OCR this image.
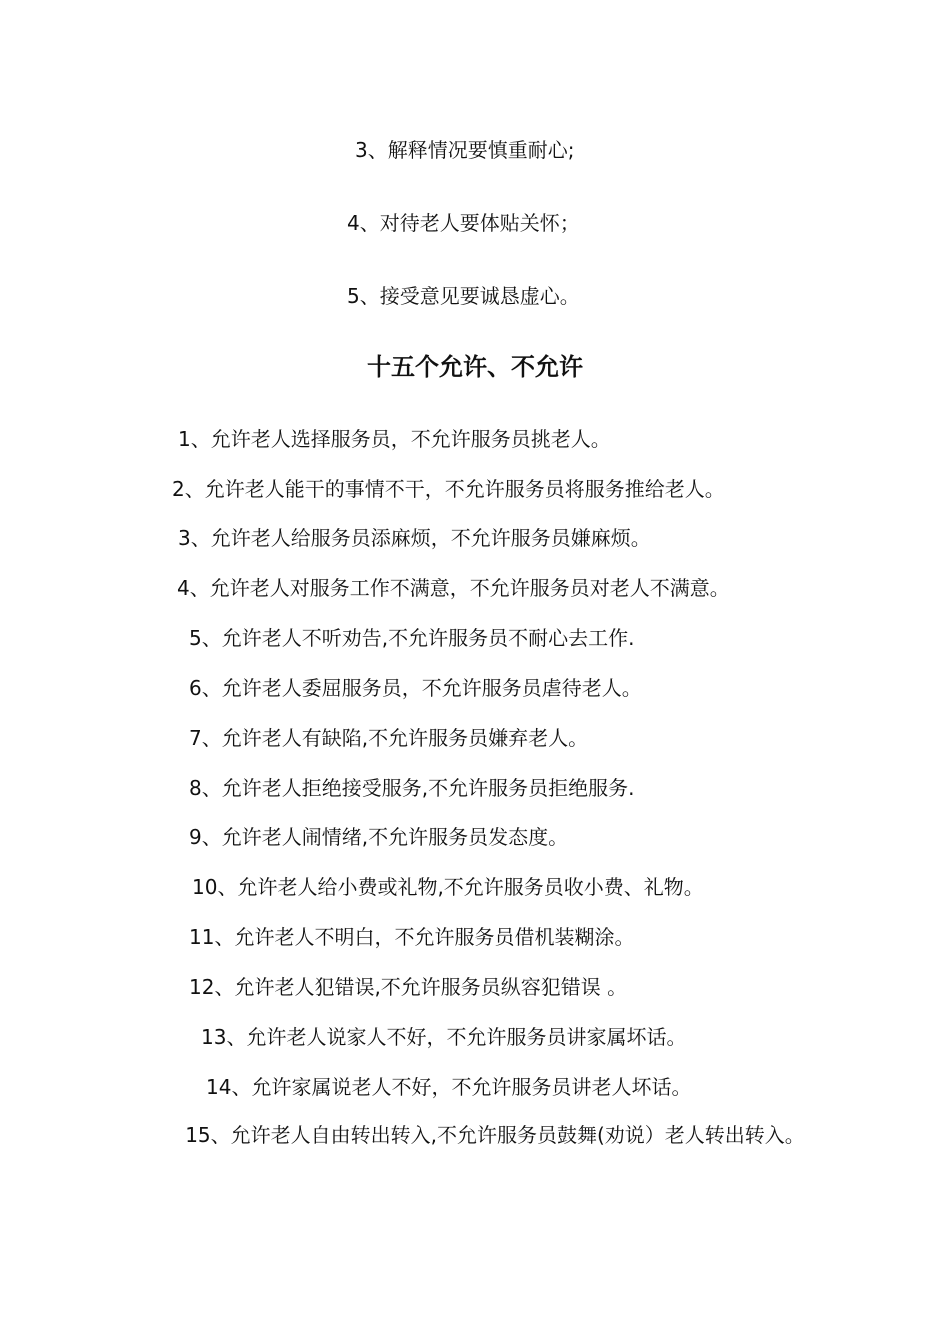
3、解释情况要慎重耐心;
4、对待老人要体贴关怀；
5、接受意见要诚恳虚心。
十五个允许、不允许
1、允许老人选择服务员，不允许服务员挑老人。
2、允许老人能干的事情不干，不允许服务员将服务推给老人。
3、允许老人给服务员添麻烦，不允许服务员嫌麻烦。
4、允许老人对服务工作不满意，不允许服务员对老人不满意。
5、允许老人不听劝告,不允许服务员不耐心去工作.
6、允许老人委屈服务员，不允许服务员虐待老人。
7、允许老人有缺陷,不允许服务员嫌弃老人。
8、允许老人拒绝接受服务,不允许服务员拒绝服务.
9、允许老人闹情绪,不允许服务员发态度。
10、允许老人给小费或礼物,不允许服务员收小费、礼物。
11、允许老人不明白，不允许服务员借机装糊涂。
12、允许老人犯错误,不允许服务员纵容犯错误 。
13、允许老人说家人不好，不允许服务员讲家属坏话。
14、允许家属说老人不好，不允许服务员讲老人坏话。
15、允许老人自由转出转入,不允许服务员鼓舞(劝说）老人转出转入。
